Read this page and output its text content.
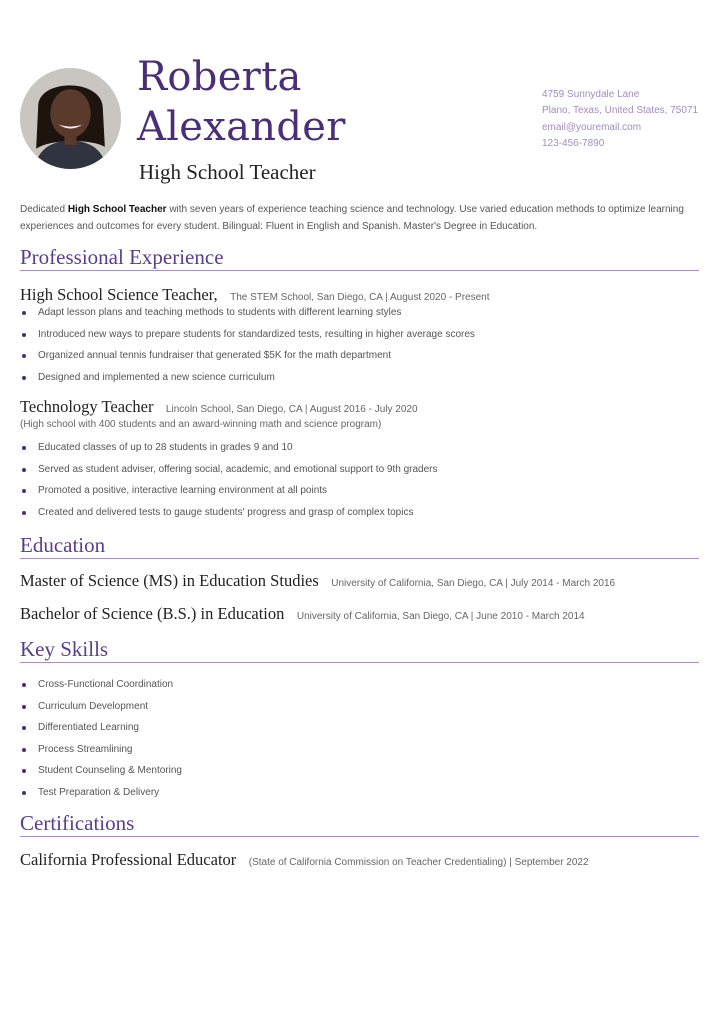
Roberta
Alexander
High School Teacher
4759 Sunnydale Lane
Plano, Texas, United States, 75071
email@youremail.com
123-456-7890
Dedicated High School Teacher with seven years of experience teaching science and technology. Use varied education methods to optimize learning experiences and outcomes for every student. Bilingual: Fluent in English and Spanish. Master's Degree in Education.
Professional Experience
High School Science Teacher, The STEM School, San Diego, CA | August 2020 - Present
Adapt lesson plans and teaching methods to students with different learning styles
Introduced new ways to prepare students for standardized tests, resulting in higher average scores
Organized annual tennis fundraiser that generated $5K for the math department
Designed and implemented a new science curriculum
Technology Teacher Lincoln School, San Diego, CA | August 2016 - July 2020
(High school with 400 students and an award-winning math and science program)
Educated classes of up to 28 students in grades 9 and 10
Served as student adviser, offering social, academic, and emotional support to 9th graders
Promoted a positive, interactive learning environment at all points
Created and delivered tests to gauge students' progress and grasp of complex topics
Education
Master of Science (MS) in Education Studies University of California, San Diego, CA | July 2014 - March 2016
Bachelor of Science (B.S.) in Education University of California, San Diego, CA | June 2010 - March 2014
Key Skills
Cross-Functional Coordination
Curriculum Development
Differentiated Learning
Process Streamlining
Student Counseling & Mentoring
Test Preparation & Delivery
Certifications
California Professional Educator (State of California Commission on Teacher Credentialing) | September 2022
